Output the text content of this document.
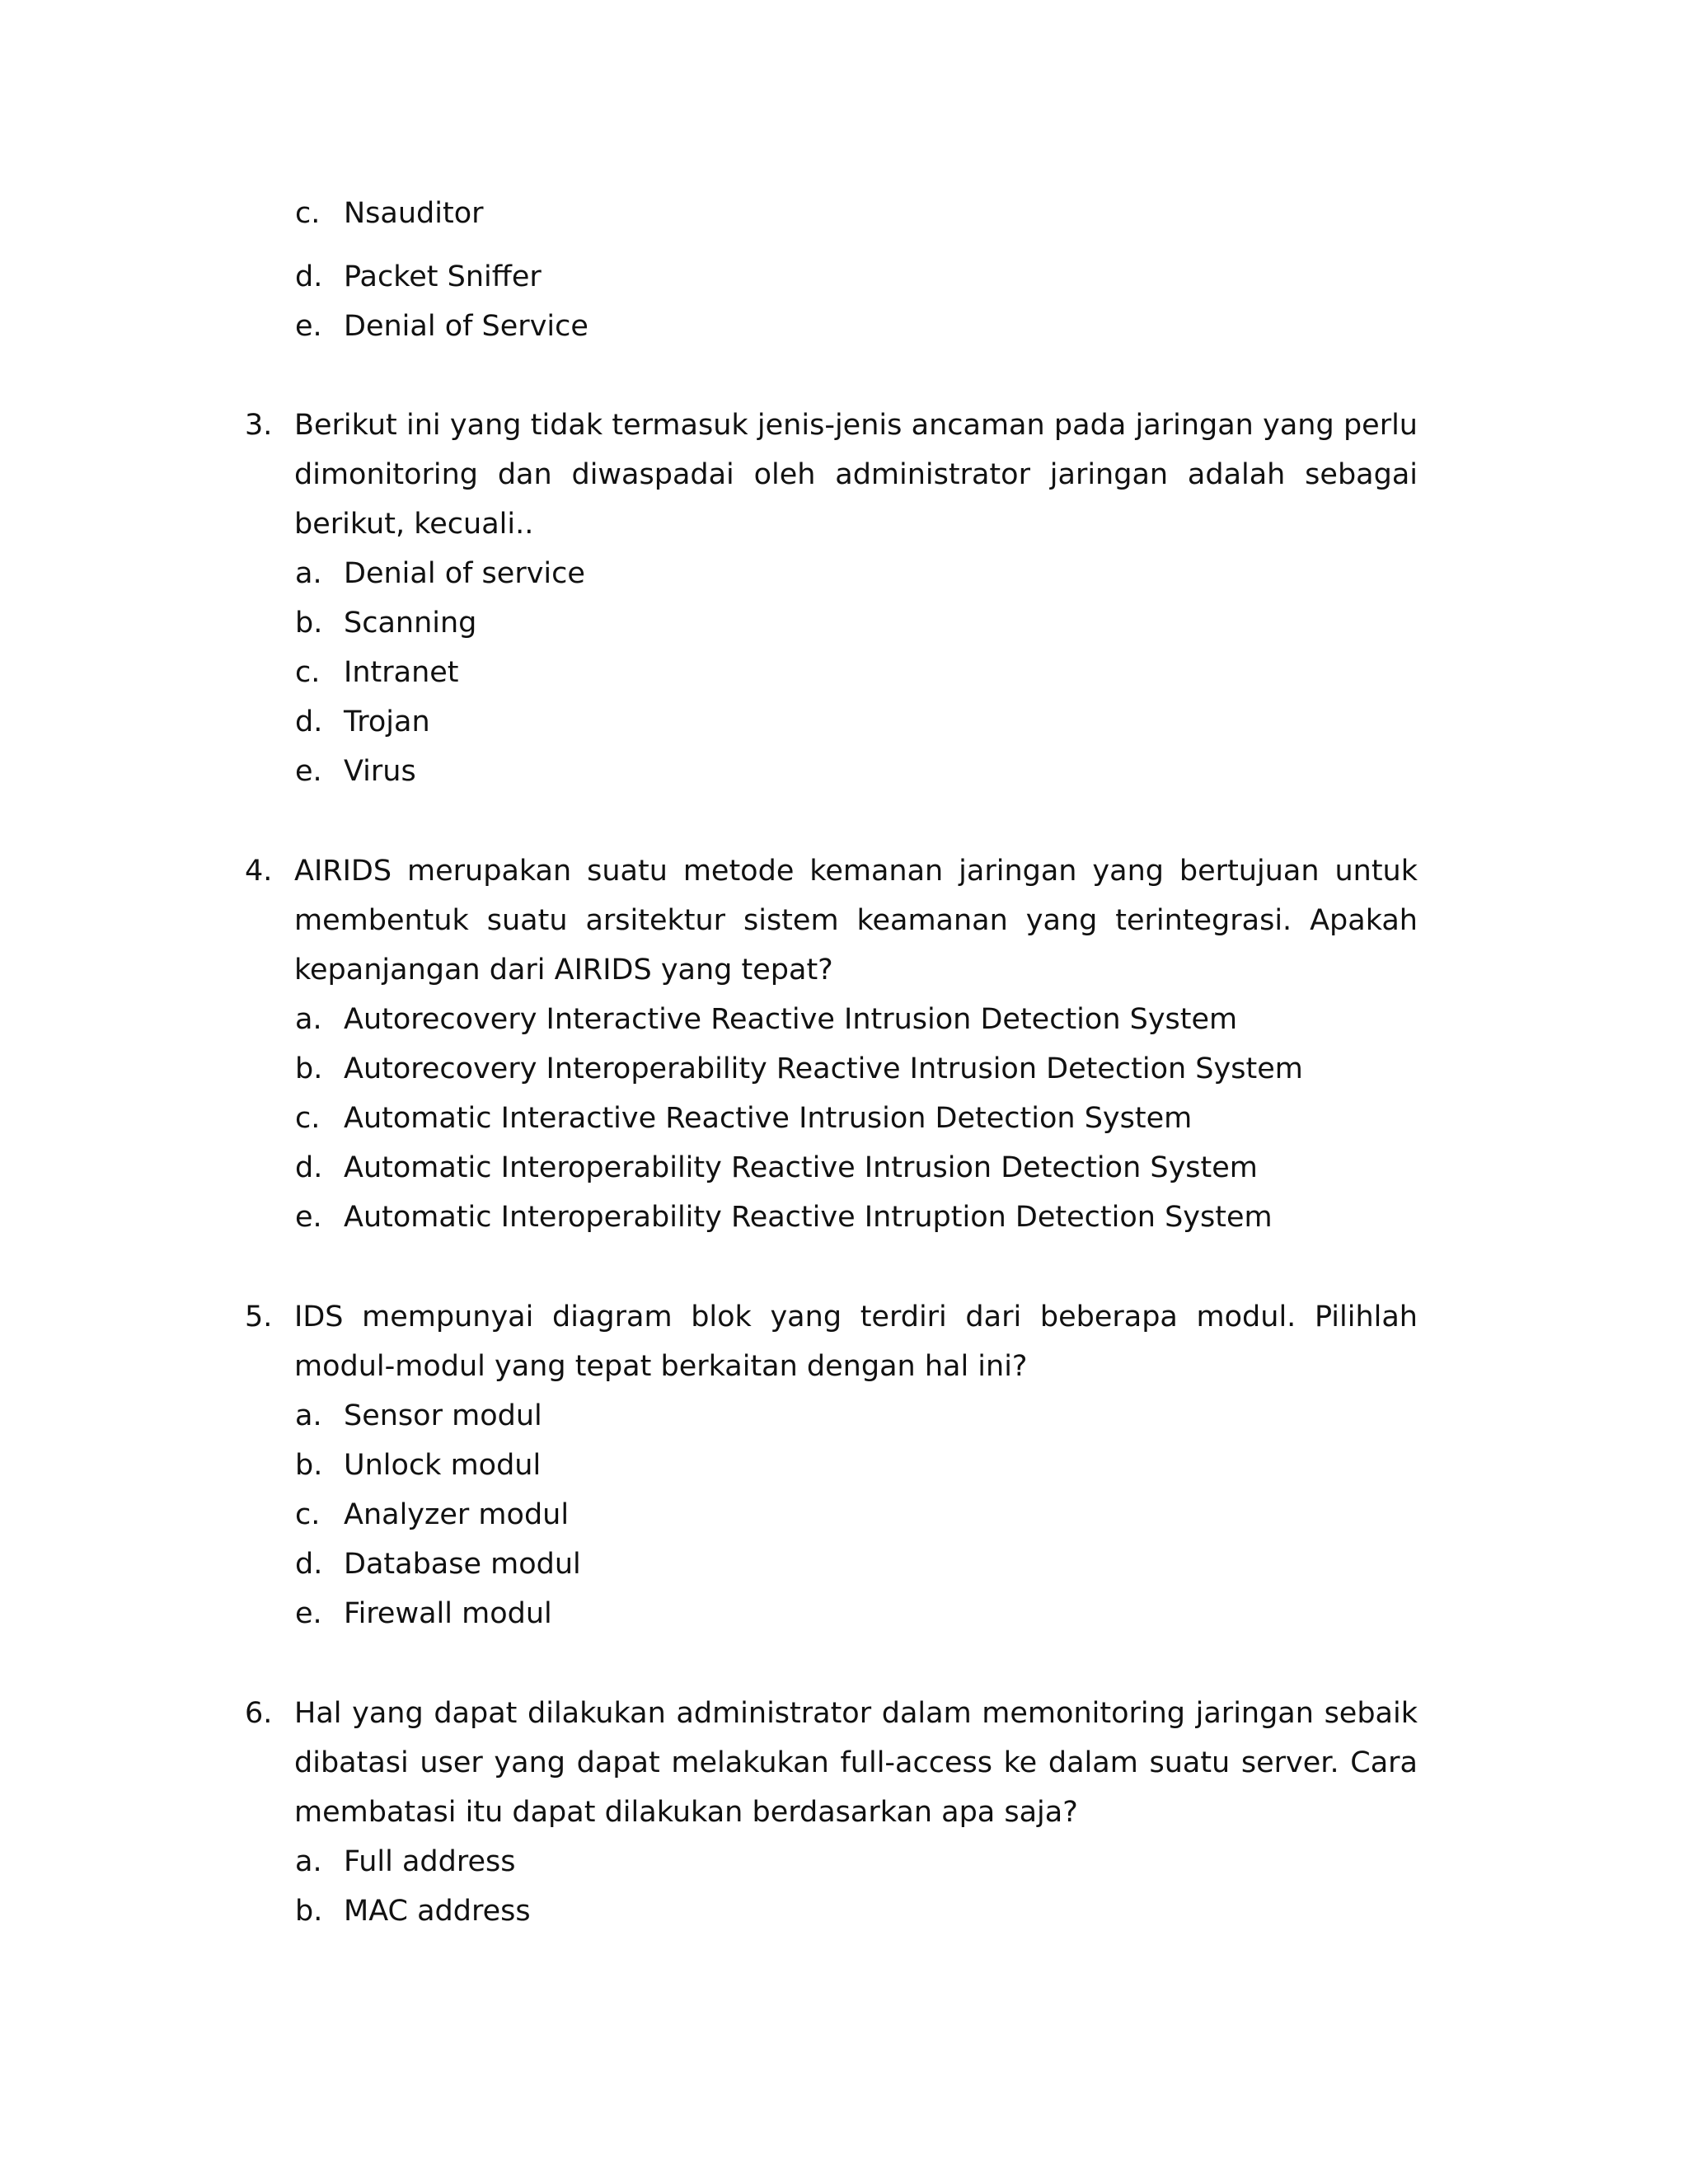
c. Nsauditor
d. Packet Sniffer
e. Denial of Service
3. Berikut ini yang tidak termasuk jenis-jenis ancaman pada jaringan yang perlu dimonitoring dan diwaspadai oleh administrator jaringan adalah sebagai berikut, kecuali..
a. Denial of service
b. Scanning
c. Intranet
d. Trojan
e. Virus
4. AIRIDS merupakan suatu metode kemanan jaringan yang bertujuan untuk membentuk suatu arsitektur sistem keamanan yang terintegrasi. Apakah kepanjangan dari AIRIDS yang tepat?
a. Autorecovery Interactive Reactive Intrusion Detection System
b. Autorecovery Interoperability Reactive Intrusion Detection System
c. Automatic Interactive Reactive Intrusion Detection System
d. Automatic Interoperability Reactive Intrusion Detection System
e. Automatic Interoperability Reactive Intruption Detection System
5. IDS mempunyai diagram blok yang terdiri dari beberapa modul. Pilihlah modul-modul yang tepat berkaitan dengan hal ini?
a. Sensor modul
b. Unlock modul
c. Analyzer modul
d. Database modul
e. Firewall modul
6. Hal yang dapat dilakukan administrator dalam memonitoring jaringan sebaik dibatasi user yang dapat melakukan full-access ke dalam suatu server. Cara membatasi itu dapat dilakukan berdasarkan apa saja?
a. Full address
b. MAC address
